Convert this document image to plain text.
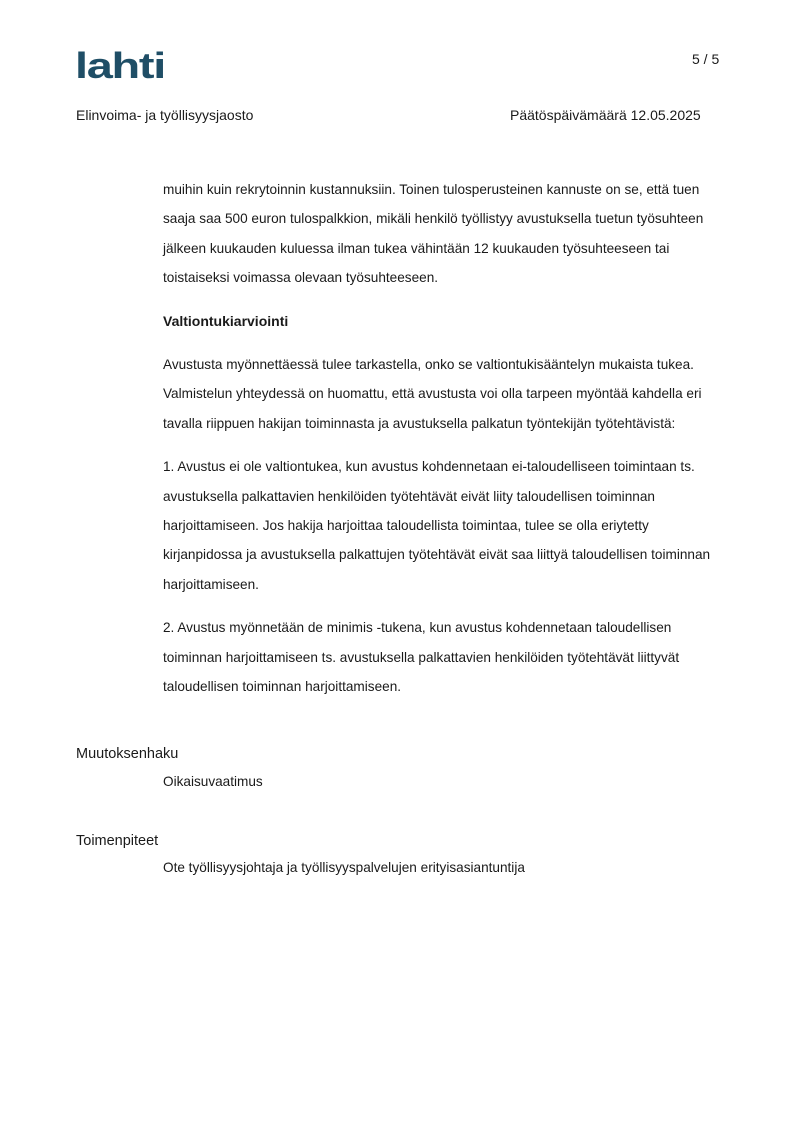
lahti	5 / 5
Elinvoima- ja työllisyysjaosto	Päätöspäivämäärä 12.05.2025

muihin kuin rekrytoinnin kustannuksiin. Toinen tulosperusteinen kannuste on se, että tuen saaja saa 500 euron tulospalkkion, mikäli henkilö työllistyy avustuksella tuetun työsuhteen jälkeen kuukauden kuluessa ilman tukea vähintään 12 kuukauden työsuhteeseen tai toistaiseksi voimassa olevaan työsuhteeseen.

Valtiontukiarviointi

Avustusta myönnettäessä tulee tarkastella, onko se valtiontukisääntelyn mukaista tukea. Valmistelun yhteydessä on huomattu, että avustusta voi olla tarpeen myöntää kahdella eri tavalla riippuen hakijan toiminnasta ja avustuksella palkatun työntekijän työtehtävistä:

1. Avustus ei ole valtiontukea, kun avustus kohdennetaan ei-taloudelliseen toimintaan ts. avustuksella palkattavien henkilöiden työtehtävät eivät liity taloudellisen toiminnan harjoittamiseen. Jos hakija harjoittaa taloudellista toimintaa, tulee se olla eriytetty kirjanpidossa ja avustuksella palkattujen työtehtävät eivät saa liittyä taloudellisen toiminnan harjoittamiseen.

2. Avustus myönnetään de minimis -tukena, kun avustus kohdennetaan taloudellisen toiminnan harjoittamiseen ts. avustuksella palkattavien henkilöiden työtehtävät liittyvät taloudellisen toiminnan harjoittamiseen.

Muutoksenhaku
Oikaisuvaatimus
Toimenpiteet
Ote työllisyysjohtaja ja työllisyyspalvelujen erityisasiantuntija
